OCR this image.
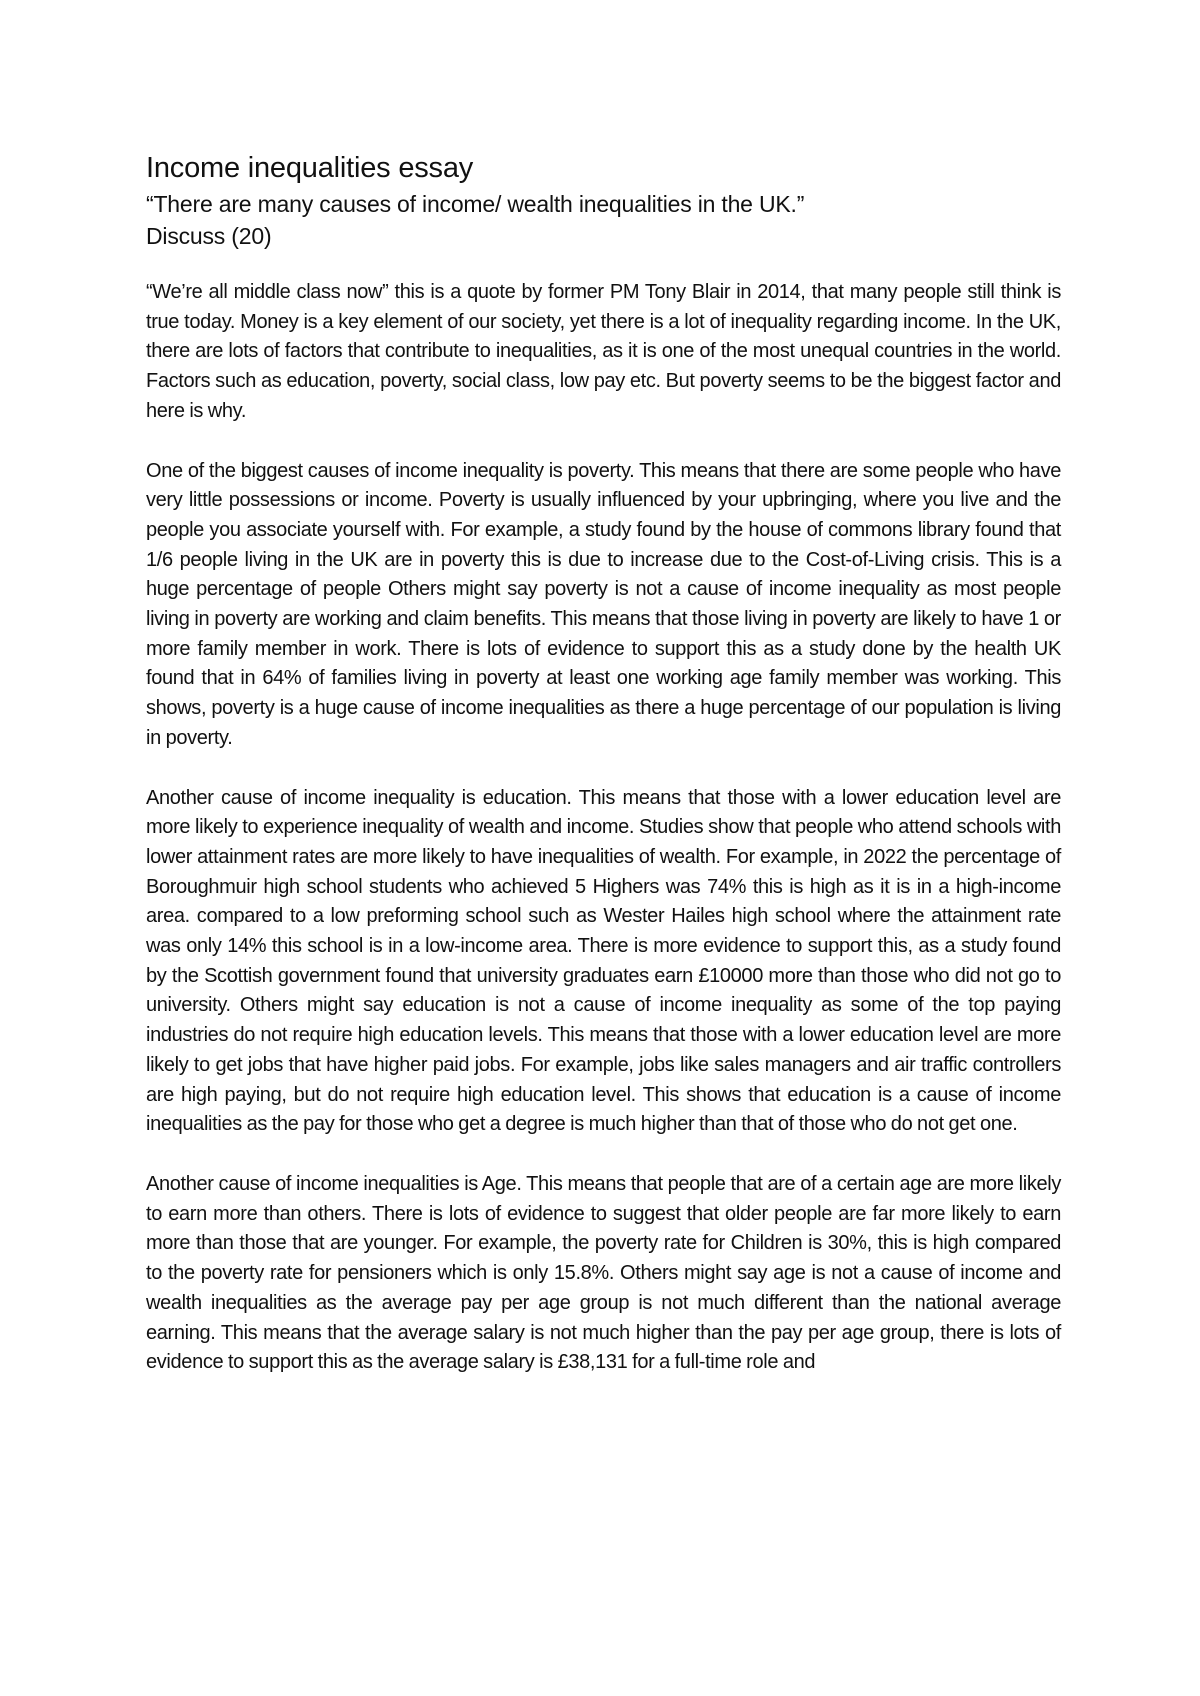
Income inequalities essay
“There are many causes of income/ wealth inequalities in the UK.”
Discuss (20)

“We’re all middle class now” this is a quote by former PM Tony Blair in 2014, that many people still think is true today. Money is a key element of our society, yet there is a lot of inequality regarding income. In the UK, there are lots of factors that contribute to inequalities, as it is one of the most unequal countries in the world. Factors such as education, poverty, social class, low pay etc. But poverty seems to be the biggest factor and here is why.

One of the biggest causes of income inequality is poverty. This means that there are some people who have very little possessions or income. Poverty is usually influenced by your upbringing, where you live and the people you associate yourself with. For example, a study found by the house of commons library found that 1/6 people living in the UK are in poverty this is due to increase due to the Cost-of-Living crisis. This is a huge percentage of people Others might say poverty is not a cause of income inequality as most people living in poverty are working and claim benefits. This means that those living in poverty are likely to have 1 or more family member in work. There is lots of evidence to support this as a study done by the health UK found that in 64% of families living in poverty at least one working age family member was working. This shows, poverty is a huge cause of income inequalities as there a huge percentage of our population is living in poverty.

Another cause of income inequality is education. This means that those with a lower education level are more likely to experience inequality of wealth and income. Studies show that people who attend schools with lower attainment rates are more likely to have inequalities of wealth. For example, in 2022 the percentage of Boroughmuir high school students who achieved 5 Highers was 74% this is high as it is in a high-income area. compared to a low preforming school such as Wester Hailes high school where the attainment rate was only 14% this school is in a low-income area. There is more evidence to support this, as a study found by the Scottish government found that university graduates earn £10000 more than those who did not go to university. Others might say education is not a cause of income inequality as some of the top paying industries do not require high education levels. This means that those with a lower education level are more likely to get jobs that have higher paid jobs. For example, jobs like sales managers and air traffic controllers are high paying, but do not require high education level. This shows that education is a cause of income inequalities as the pay for those who get a degree is much higher than that of those who do not get one.

Another cause of income inequalities is Age. This means that people that are of a certain age are more likely to earn more than others. There is lots of evidence to suggest that older people are far more likely to earn more than those that are younger. For example, the poverty rate for Children is 30%, this is high compared to the poverty rate for pensioners which is only 15.8%. Others might say age is not a cause of income and wealth inequalities as the average pay per age group is not much different than the national average earning. This means that the average salary is not much higher than the pay per age group, there is lots of evidence to support this as the average salary is £38,131 for a full-time role and
